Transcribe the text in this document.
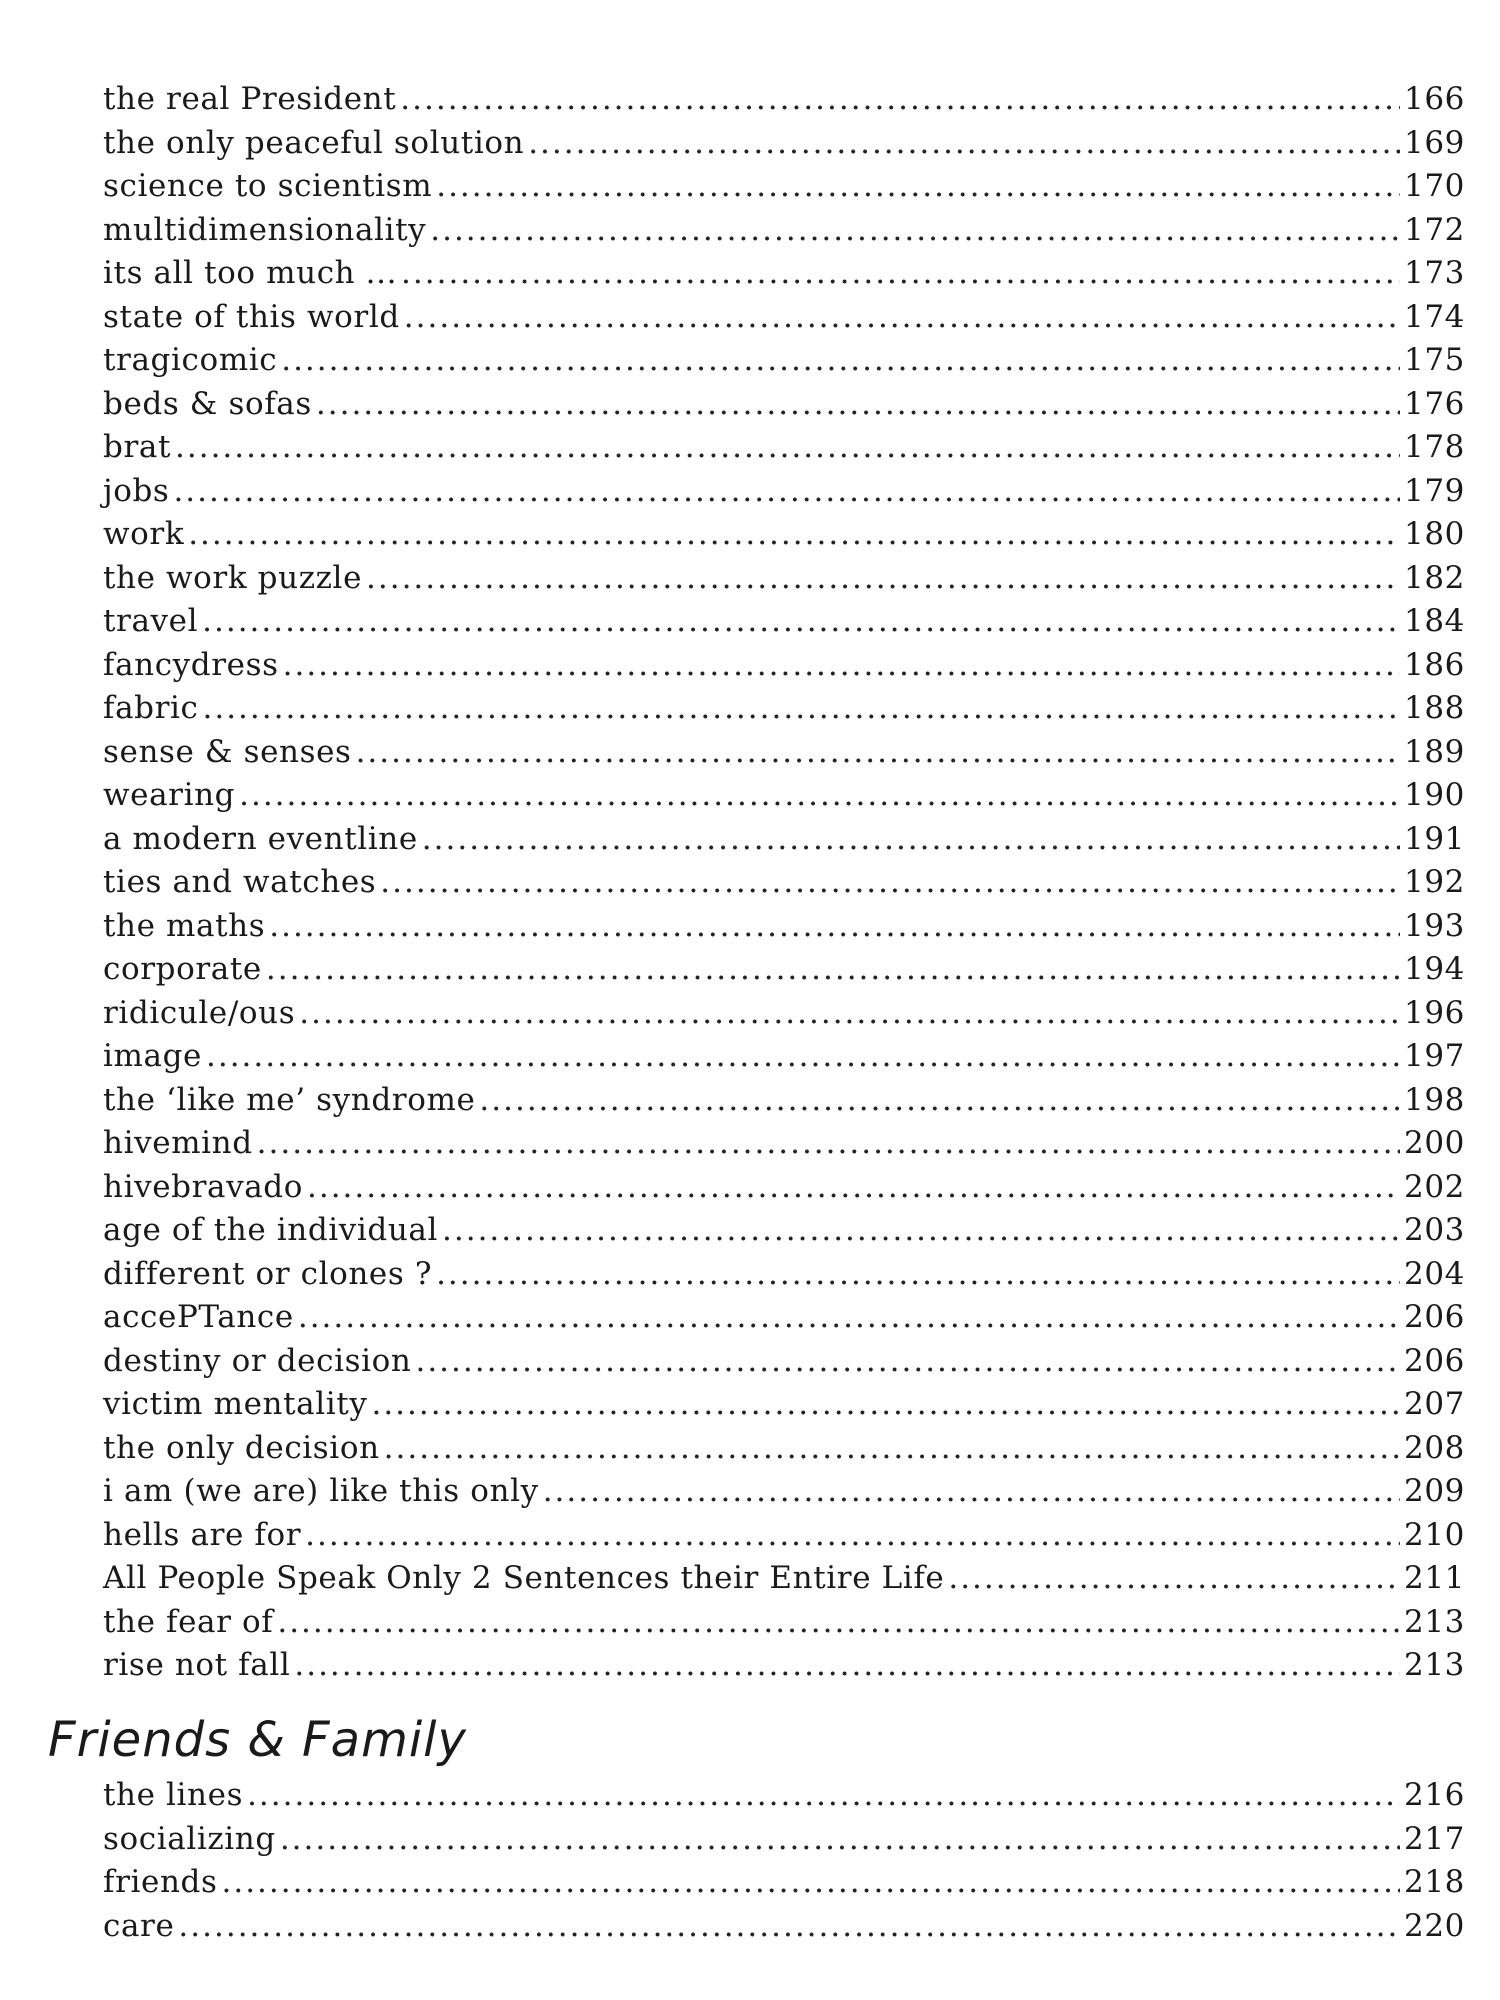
the real President .....	166
the only peaceful solution .....	169
science to scientism .....	170
multidimensionality .....	172
its all too much ... .....	173
state of this world .....	174
tragicomic .....	175
beds & sofas .....	176
brat .....	178
jobs .....	179
work .....	180
the work puzzle .....	182
travel .....	184
fancydress .....	186
fabric .....	188
sense & senses .....	189
wearing .....	190
a modern eventline .....	191
ties and watches .....	192
the maths .....	193
corporate .....	194
ridicule/ous .....	196
image .....	197
the ‘like me’ syndrome .....	198
hivemind .....	200
hivebravado .....	202
age of the individual .....	203
different or clones ? .....	204
accePTance .....	206
destiny or decision .....	206
victim mentality .....	207
the only decision .....	208
i am (we are) like this only .....	209
hells are for .....	210
All People Speak Only 2 Sentences their Entire Life .....	211
the fear of .....	213
rise not fall .....	213
Friends & Family
the lines .....	216
socializing .....	217
friends .....	218
care .....	220
